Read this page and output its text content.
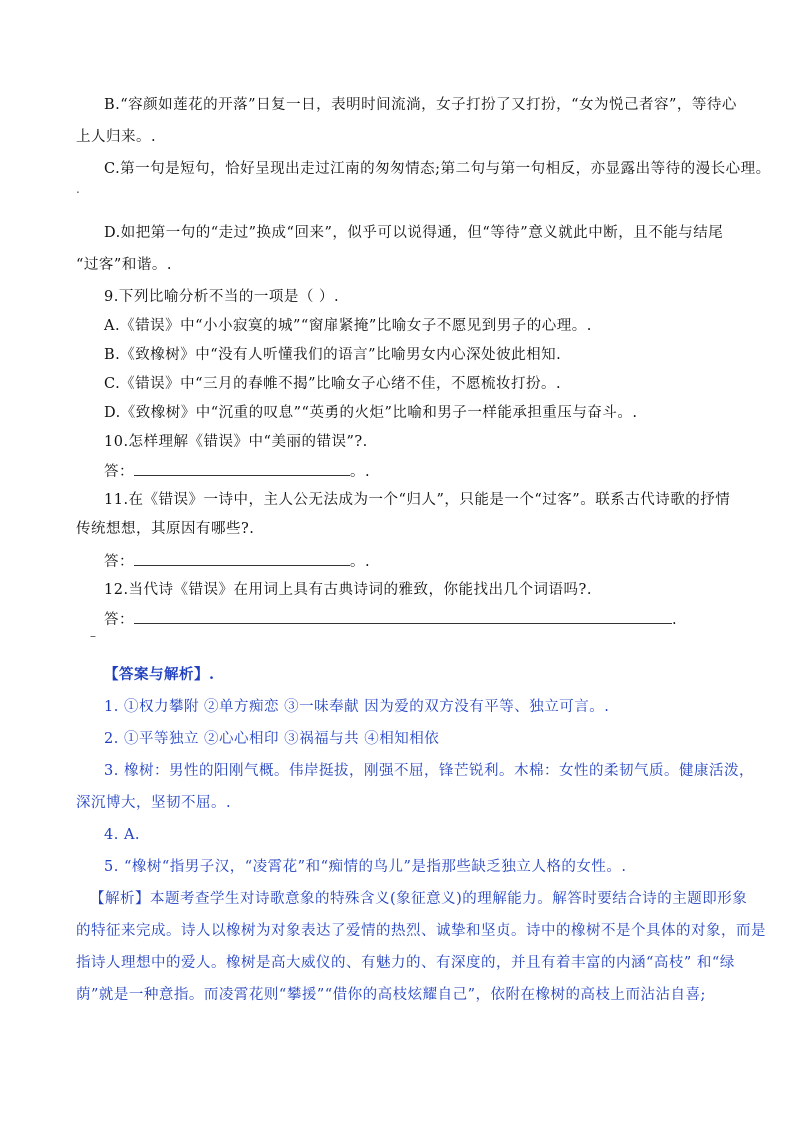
B.“容颜如莲花的开落”日复一日，表明时间流淌，女子打扮了又打扮，“女为悦己者容”，等待心
上人归来。.
C.第一句是短句，恰好呈现出走过江南的匆匆情态;第二句与第一句相反，亦显露出等待的漫长心理。
.
D.如把第一句的“走过”换成“回来”，似乎可以说得通，但“等待”意义就此中断，且不能与结尾
“过客”和谐。.
9.下列比喻分析不当的一项是（ ）.
A.《错误》中“小小寂寞的城”“窗扉紧掩”比喻女子不愿见到男子的心理。.
B.《致橡树》中“没有人听懂我们的语言”比喻男女内心深处彼此相知.
C.《错误》中“三月的春帷不揭”比喻女子心绪不佳，不愿梳妆打扮。.
D.《致橡树》中“沉重的叹息”“英勇的火炬”比喻和男子一样能承担重压与奋斗。.
10.怎样理解《错误》中“美丽的错误”?.
答：	。.
11.在《错误》一诗中，主人公无法成为一个“归人”，只能是一个“过客”。联系古代诗歌的抒情
传统想想，其原因有哪些?.
答：	。.
12.当代诗《错误》在用词上具有古典诗词的雅致，你能找出几个词语吗?.
答：	.
–
【答案与解析】.
1. ①权力攀附 ②单方痴恋 ③一味奉献 因为爱的双方没有平等、独立可言。.
2. ①平等独立 ②心心相印 ③祸福与共 ④相知相依
3. 橡树：男性的阳刚气概。伟岸挺拔，刚强不屈，锋芒锐利。木棉：女性的柔韧气质。健康活泼，
深沉博大，坚韧不屈。.
4. A.
5. “橡树“指男子汉，“凌霄花”和“痴情的鸟儿”是指那些缺乏独立人格的女性。.
【解析】本题考查学生对诗歌意象的特殊含义(象征意义)的理解能力。解答时要结合诗的主题即形象
的特征来完成。诗人以橡树为对象表达了爱情的热烈、诚挚和坚贞。诗中的橡树不是个具体的对象，而是
指诗人理想中的爱人。橡树是高大威仪的、有魅力的、有深度的，并且有着丰富的内涵“高枝” 和“绿
荫”就是一种意指。而凌霄花则“攀援”“借你的高枝炫耀自己”，依附在橡树的高枝上而沾沾自喜;
